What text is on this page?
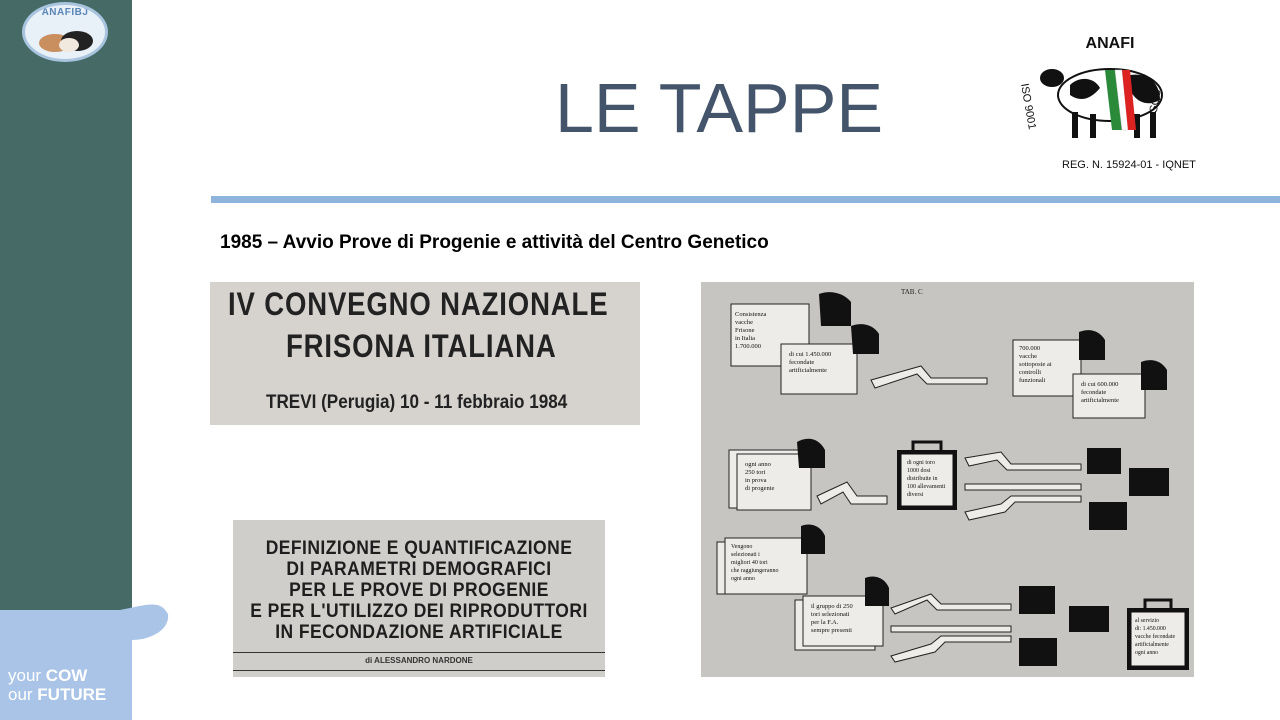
ANAFIBJ
your COW
our FUTURE
LE TAPPE
ANAFI
ISO 9001
REG. N. 15924-01 - IQNET
SQS
1985 – Avvio Prove di Progenie e attività del Centro Genetico
IV CONVEGNO NAZIONALE
FRISONA ITALIANA
TREVI (Perugia) 10 - 11 febbraio 1984
DEFINIZIONE E QUANTIFICAZIONE
DI PARAMETRI DEMOGRAFICI
PER LE PROVE DI PROGENIE
E PER L'UTILIZZO DEI RIPRODUTTORI
IN FECONDAZIONE ARTIFICIALE
di ALESSANDRO NARDONE
TAB. C
Consistenza
vacche
Frisone
in Italia
1.700.000
di cui 1.450.000
fecondate
artificialmente
700.000
vacche
sottoposte ai
controlli
funzionali
di cui 600.000
fecondate
artificialmente
ogni anno
250 tori
in prova
di progenie
di ogni toro
1000 dosi
distribuite in
100 allevamenti
diversi
Vengono
selezionati i
migliori 40 tori
che raggiungeranno
ogni anno
il gruppo di 250
tori selezionati
per la F.A.
sempre presenti
al servizio
di: 1.450.000
vacche fecondate
artificialmente
ogni anno
